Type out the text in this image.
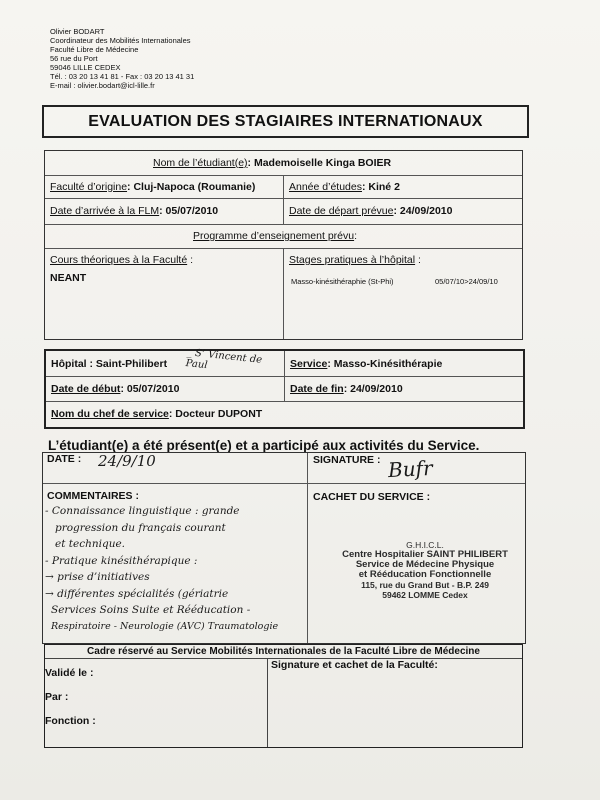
Olivier BODART
Coordinateur des Mobilités Internationales
Faculté Libre de Médecine
56 rue du Port
59046 LILLE CEDEX
Tél. : 03 20 13 41 81 - Fax : 03 20 13 41 31
E-mail : olivier.bodart@icl-lille.fr
EVALUATION DES STAGIAIRES INTERNATIONAUX
Nom de l’étudiant(e) : Mademoiselle Kinga BOIER
Faculté d’origine : Cluj-Napoca (Roumanie)	Année d’études : Kiné 2
Date d’arrivée à la FLM : 05/07/2010	Date de départ prévue : 24/09/2010
Programme d’enseignement prévu :
Cours théoriques à la Faculté :
NEANT
Stages pratiques à l’hôpital :
Masso-kinésithéraphie (St-Phi)	05/07/10>24/09/10
Hôpital : Saint-Philibert _ S’ Vincent de Paul	Service : Masso-Kinésithérapie
Date de début : 05/07/2010	Date de fin : 24/09/2010
Nom du chef de service : Docteur DUPONT
L’étudiant(e) a été présent(e) et a participé aux activités du Service.
DATE : 24/9/10	SIGNATURE : Bufr
COMMENTAIRES :	CACHET DU SERVICE :
- Connaissance linguistique : grande
progression du français courant
et technique.
- Pratique kinésithérapique :
→ prise d’initiatives
→ différentes spécialités (gériatrie
Services Soins Suite et Rééducation -
Respiratoire - Neurologie (AVC) Traumatologie
G.H.I.C.L.
Centre Hospitalier SAINT PHILIBERT
Service de Médecine Physique
et Rééducation Fonctionnelle
115, rue du Grand But - B.P. 249
59462 LOMME Cedex
Cadre réservé au Service Mobilités Internationales de la Faculté Libre de Médecine
Validé le :
Par :
Fonction :
Signature et cachet de la Faculté:
